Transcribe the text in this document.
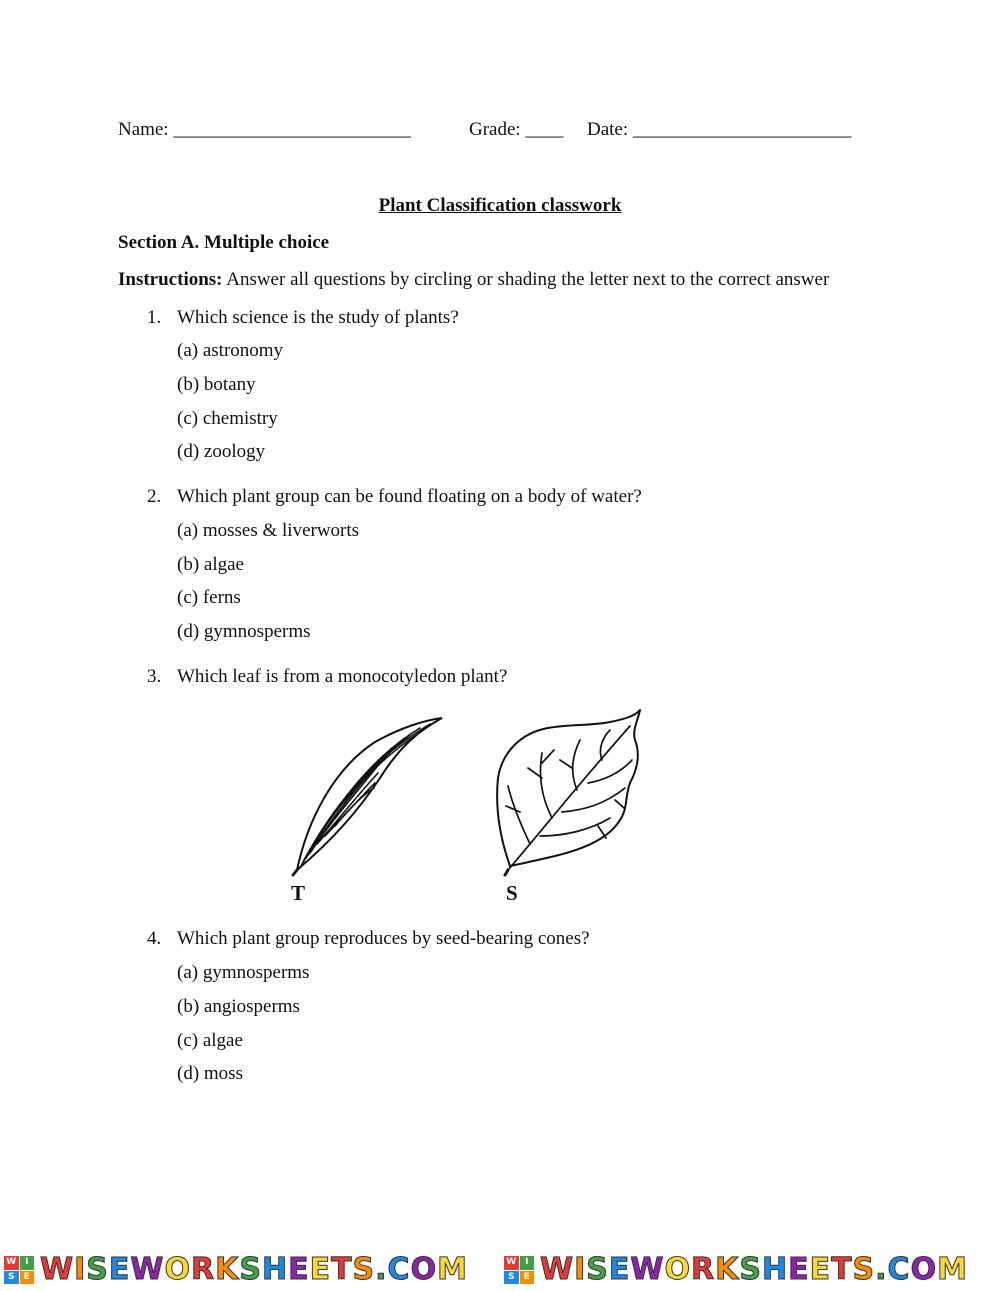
Name: _________________________	Grade: ____ Date: _______________________
Plant Classification classwork
Section A. Multiple choice
Instructions: Answer all questions by circling or shading the letter next to the correct answer
1. Which science is the study of plants?
(a) astronomy
(b) botany
(c) chemistry
(d) zoology
2. Which plant group can be found floating on a body of water?
(a) mosses & liverworts
(b) algae
(c) ferns
(d) gymnosperms
3. Which leaf is from a monocotyledon plant?
T	S
4. Which plant group reproduces by seed-bearing cones?
(a) gymnosperms
(b) angiosperms
(c) algae
(d) moss
W I
S	E WISEWORKSHEETS.COM	W I
S	E WISEWORKSHEETS.COM
